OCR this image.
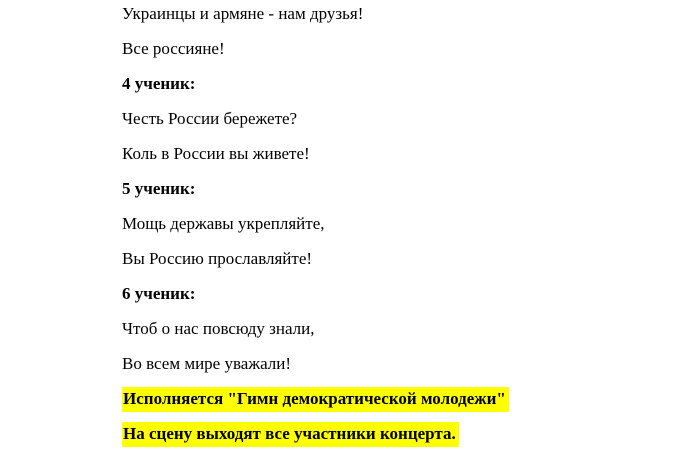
Украинцы и армяне - нам друзья!

Все россияне!

4 ученик:

Честь России бережете?

Коль в России вы живете!

5 ученик:

Мощь державы укрепляйте,

Вы Россию прославляйте!

6 ученик:

Чтоб о нас повсюду знали,

Во всем мире уважали!

Исполняется "Гимн демократической молодежи"

На сцену выходят все участники концерта.
